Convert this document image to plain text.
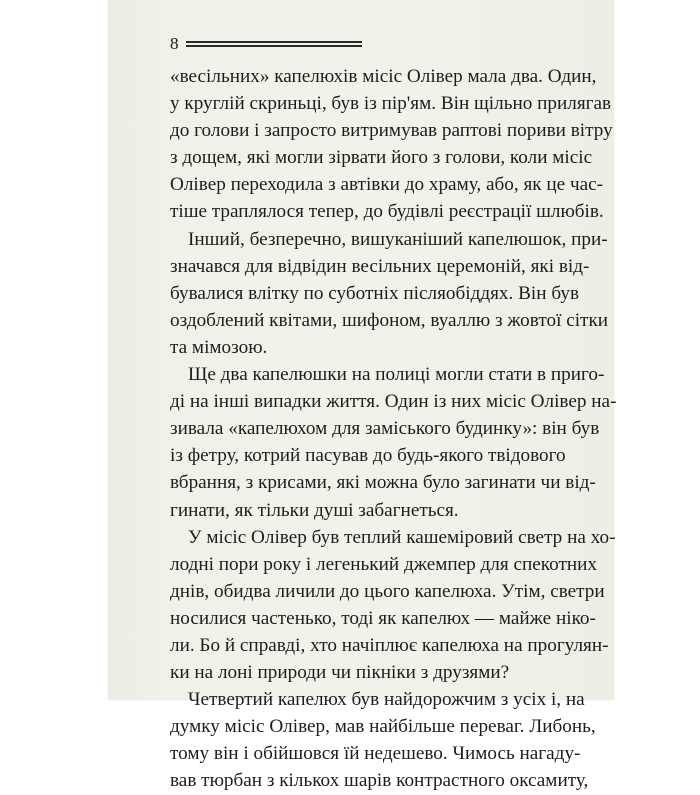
8
«весільних» капелюхів місіс Олівер мала два. Один,
у круглій скриньці, був із пір'ям. Він щільно прилягав
до голови і запросто витримував раптові пориви вітру
з дощем, які могли зірвати його з голови, коли місіс
Олівер переходила з автівки до храму, або, як це час-
тіше траплялося тепер, до будівлі реєстрації шлюбів.
Інший, безперечно, вишуканіший капелюшок, при-
значався для відвідин весільних церемоній, які від-
бувалися влітку по суботніх післяобіддях. Він був
оздоблений квітами, шифоном, вуаллю з жовтої сітки
та мімозою.
Ще два капелюшки на полиці могли стати в приго-
ді на інші випадки життя. Один із них місіс Олівер на-
зивала «капелюхом для заміського будинку»: він був
із фетру, котрий пасував до будь-якого твідового
вбрання, з крисами, які можна було загинати чи від-
гинати, як тільки душі забагнеться.
У місіс Олівер був теплий кашеміровий светр на хо-
лодні пори року і легенький джемпер для спекотних
днів, обидва личили до цього капелюха. Утім, светри
носилися частенько, тоді як капелюх — майже ніко-
ли. Бо й справді, хто начіплює капелюха на прогулян-
ки на лоні природи чи пікніки з друзями?
Четвертий капелюх був найдорожчим з усіх і, на
думку місіс Олівер, мав найбільше переваг. Либонь,
тому він і обійшовся їй недешево. Чимось нагаду-
вав тюрбан з кількох шарів контрастного оксамиту,
